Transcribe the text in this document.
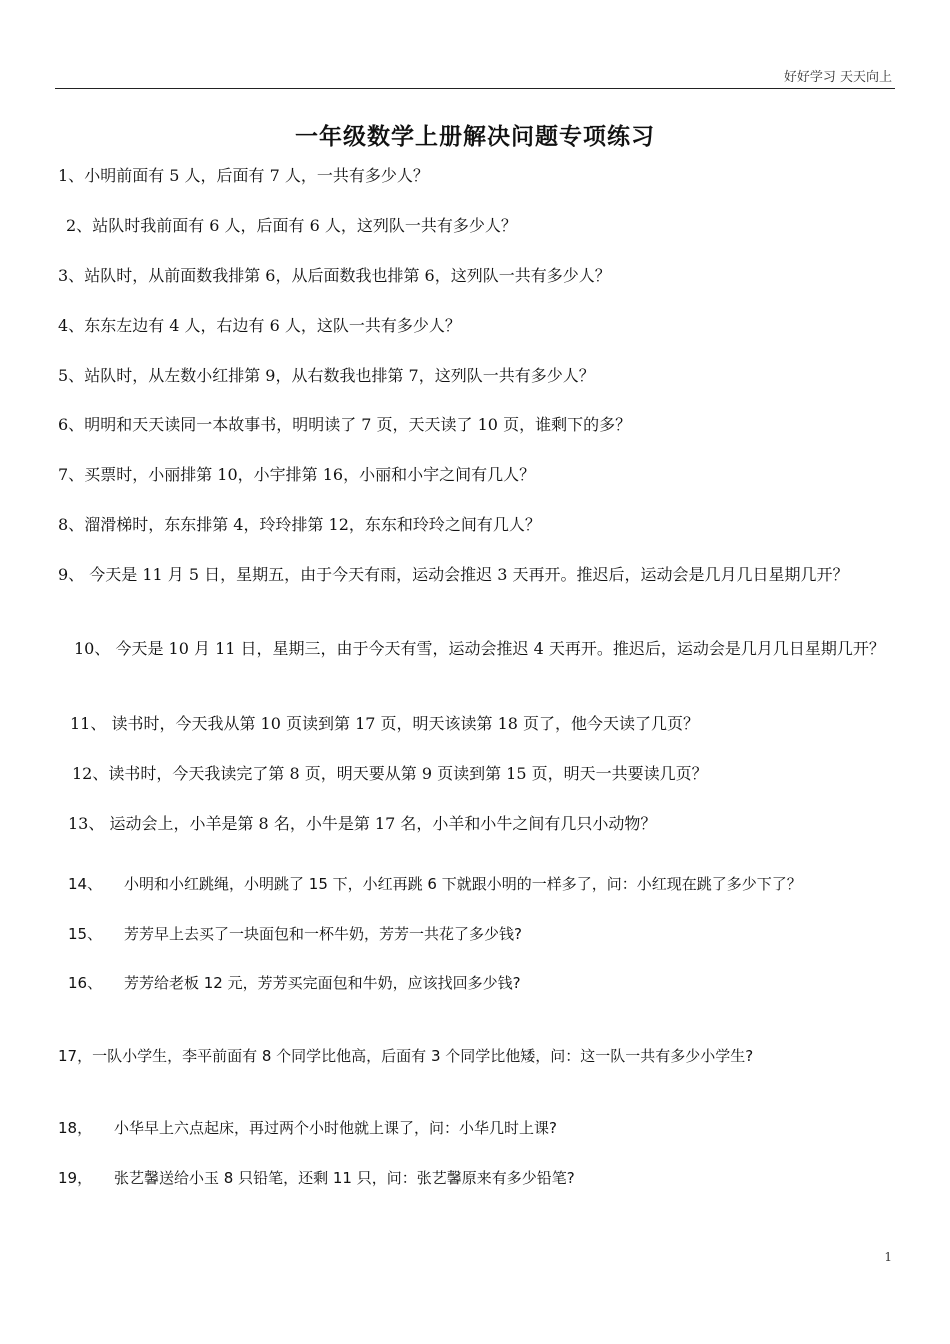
好好学习 天天向上
一年级数学上册解决问题专项练习
1、小明前面有 5 人，后面有 7 人，一共有多少人？
2、站队时我前面有 6 人，后面有 6 人，这列队一共有多少人？
3、站队时，从前面数我排第 6，从后面数我也排第 6，这列队一共有多少人？
4、东东左边有 4 人，右边有 6 人，这队一共有多少人？
5、站队时，从左数小红排第 9，从右数我也排第 7，这列队一共有多少人？
6、明明和天天读同一本故事书，明明读了 7 页，天天读了 10 页，谁剩下的多？
7、买票时，小丽排第 10，小宇排第 16，小丽和小宇之间有几人？
8、溜滑梯时，东东排第 4，玲玲排第 12，东东和玲玲之间有几人？
9、 今天是 11 月 5 日，星期五，由于今天有雨，运动会推迟 3 天再开。推迟后，运动会是几月几日星期几开？
10、 今天是 10 月 11 日，星期三，由于今天有雪，运动会推迟 4 天再开。推迟后，运动会是几月几日星期几开？
11、 读书时，今天我从第 10 页读到第 17 页，明天该读第 18 页了，他今天读了几页？
12、读书时，今天我读完了第 8 页，明天要从第 9 页读到第 15 页，明天一共要读几页？
13、 运动会上，小羊是第 8 名，小牛是第 17 名，小羊和小牛之间有几只小动物？
14、 小明和小红跳绳，小明跳了 15 下，小红再跳 6 下就跟小明的一样多了，问：小红现在跳了多少下了？
15、 芳芳早上去买了一块面包和一杯牛奶，芳芳一共花了多少钱?
16、 芳芳给老板 12 元，芳芳买完面包和牛奶，应该找回多少钱?
17，一队小学生，李平前面有 8 个同学比他高，后面有 3 个同学比他矮，问：这一队一共有多少小学生?
18， 小华早上六点起床，再过两个小时他就上课了，问：小华几时上课?
19， 张艺馨送给小玉 8 只铅笔，还剩 11 只，问：张艺馨原来有多少铅笔?
1
